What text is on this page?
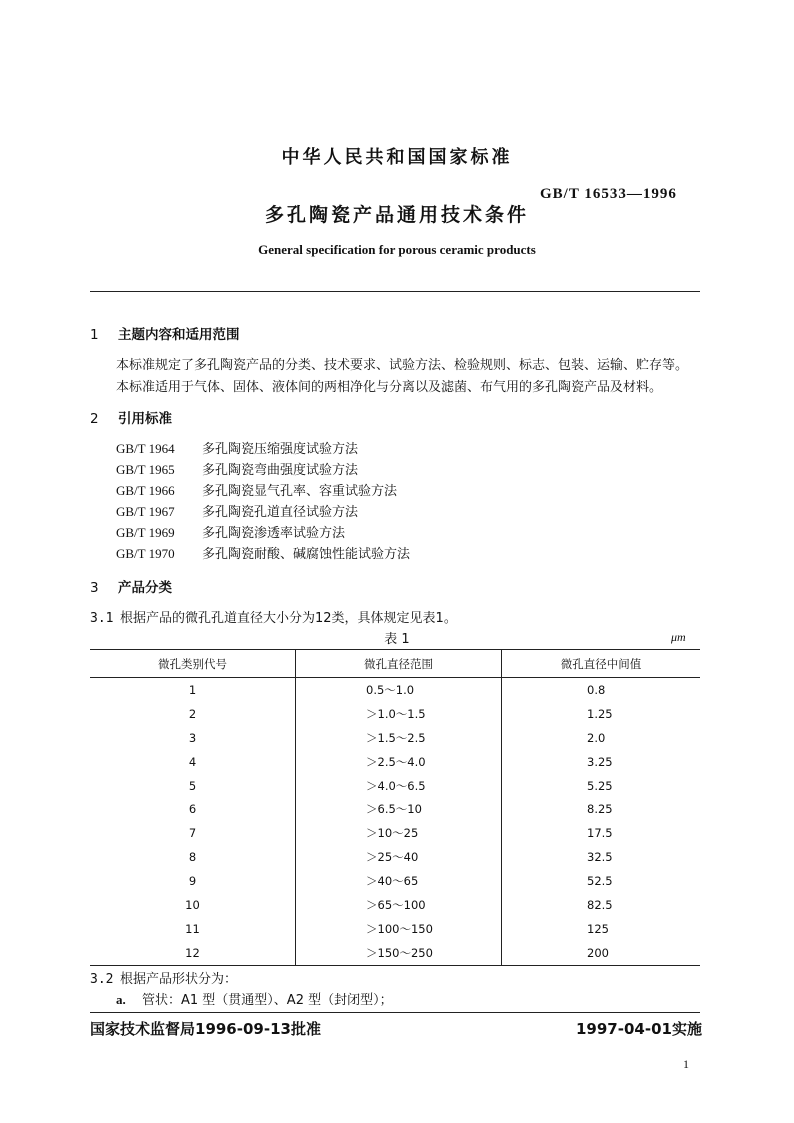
中华人民共和国国家标准
GB/T 16533—1996
多孔陶瓷产品通用技术条件
General specification for porous ceramic products
1 主题内容和适用范围
本标准规定了多孔陶瓷产品的分类、技术要求、试验方法、检验规则、标志、包装、运输、贮存等。
本标准适用于气体、固体、液体间的两相净化与分离以及滤菌、布气用的多孔陶瓷产品及材料。
2 引用标准
GB/T 1964 多孔陶瓷压缩强度试验方法
GB/T 1965 多孔陶瓷弯曲强度试验方法
GB/T 1966 多孔陶瓷显气孔率、容重试验方法
GB/T 1967 多孔陶瓷孔道直径试验方法
GB/T 1969 多孔陶瓷渗透率试验方法
GB/T 1970 多孔陶瓷耐酸、碱腐蚀性能试验方法
3 产品分类
3.1 根据产品的微孔孔道直径大小分为12类，具体规定见表1。
表 1	μm
微孔类别代号	微孔直径范围	微孔直径中间值
1	0.5～1.0	0.8
2	＞1.0～1.5	1.25
3	＞1.5～2.5	2.0
4	＞2.5～4.0	3.25
5	＞4.0～6.5	5.25
6	＞6.5～10	8.25
7	＞10～25	17.5
8	＞25～40	32.5
9	＞40～65	52.5
10	＞65～100	82.5
11	＞100～150	125
12	＞150～250	200
3.2 根据产品形状分为：
a. 管状：A1 型（贯通型）、A2 型（封闭型）；
国家技术监督局1996-09-13批准	1997-04-01实施
1
